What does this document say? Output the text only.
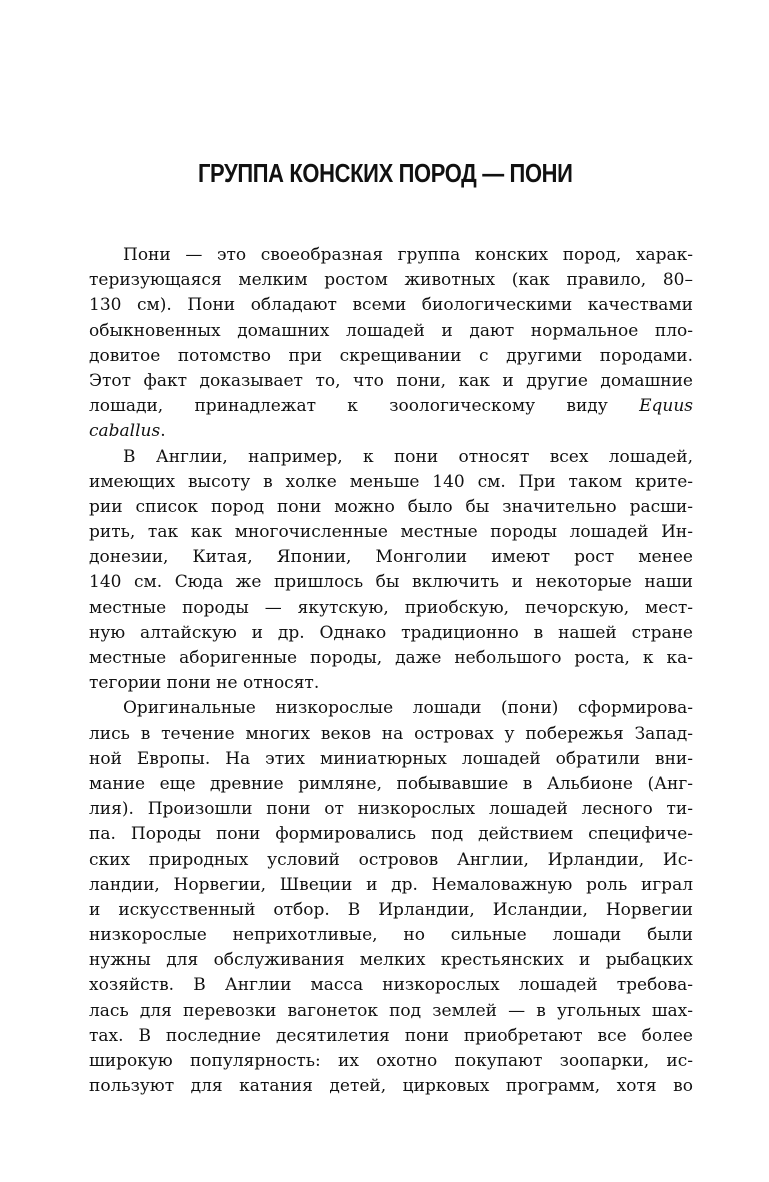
ГРУППА КОНСКИХ ПОРОД — ПОНИ
Пони — это своеобразная группа конских пород, харак-
теризующаяся мелким ростом животных (как правило, 80–
130 см). Пони обладают всеми биологическими качествами
обыкновенных домашних лошадей и дают нормальное пло-
довитое потомство при скрещивании с другими породами.
Этот факт доказывает то, что пони, как и другие домашние
лошади, принадлежат к зоологическому виду Equus
caballus.
В Англии, например, к пони относят всех лошадей,
имеющих высоту в холке меньше 140 см. При таком крите-
рии список пород пони можно было бы значительно расши-
рить, так как многочисленные местные породы лошадей Ин-
донезии, Китая, Японии, Монголии имеют рост менее
140 см. Сюда же пришлось бы включить и некоторые наши
местные породы — якутскую, приобскую, печорскую, мест-
ную алтайскую и др. Однако традиционно в нашей стране
местные аборигенные породы, даже небольшого роста, к ка-
тегории пони не относят.
Оригинальные низкорослые лошади (пони) сформирова-
лись в течение многих веков на островах у побережья Запад-
ной Европы. На этих миниатюрных лошадей обратили вни-
мание еще древние римляне, побывавшие в Альбионе (Анг-
лия). Произошли пони от низкорослых лошадей лесного ти-
па. Породы пони формировались под действием специфиче-
ских природных условий островов Англии, Ирландии, Ис-
ландии, Норвегии, Швеции и др. Немаловажную роль играл
и искусственный отбор. В Ирландии, Исландии, Норвегии
низкорослые неприхотливые, но сильные лошади были
нужны для обслуживания мелких крестьянских и рыбацких
хозяйств. В Англии масса низкорослых лошадей требова-
лась для перевозки вагонеток под землей — в угольных шах-
тах. В последние десятилетия пони приобретают все более
широкую популярность: их охотно покупают зоопарки, ис-
пользуют для катания детей, цирковых программ, хотя во
